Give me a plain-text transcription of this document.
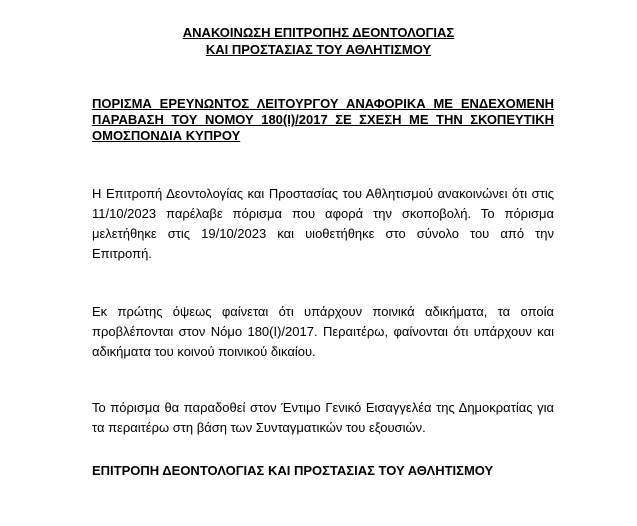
ΑΝΑΚΟΙΝΩΣΗ ΕΠΙΤΡΟΠΗΣ ΔΕΟΝΤΟΛΟΓΙΑΣ
ΚΑΙ ΠΡΟΣΤΑΣΙΑΣ ΤΟΥ ΑΘΛΗΤΙΣΜΟΥ
ΠΟΡΙΣΜΑ ΕΡΕΥΝΩΝΤΟΣ ΛΕΙΤΟΥΡΓΟΥ ΑΝΑΦΟΡΙΚΑ ΜΕ ΕΝΔΕΧΟΜΕΝΗ
ΠΑΡΑΒΑΣΗ ΤΟΥ ΝΟΜΟΥ 180(Ι)/2017 ΣΕ ΣΧΕΣΗ ΜΕ ΤΗΝ ΣΚΟΠΕΥΤΙΚΗ
ΟΜΟΣΠΟΝΔΙΑ ΚΥΠΡΟΥ
Η Επιτροπή Δεοντολογίας και Προστασίας του Αθλητισμού ανακοινώνει ότι στις
11/10/2023 παρέλαβε πόρισμα που αφορά την σκοποβολή. Το πόρισμα
μελετήθηκε στις 19/10/2023 και υιοθετήθηκε στο σύνολο του από την
Επιτροπή.
Εκ πρώτης όψεως φαίνεται ότι υπάρχουν ποινικά αδικήματα, τα οποία
προβλέπονται στον Νόμο 180(Ι)/2017. Περαιτέρω, φαίνονται ότι υπάρχουν και
αδικήματα του κοινού ποινικού δικαίου.
Το πόρισμα θα παραδοθεί στον Έντιμο Γενικό Εισαγγελέα της Δημοκρατίας για
τα περαιτέρω στη βάση των Συνταγματικών του εξουσιών.
ΕΠΙΤΡΟΠΗ ΔΕΟΝΤΟΛΟΓΙΑΣ ΚΑΙ ΠΡΟΣΤΑΣΙΑΣ ΤΟΥ ΑΘΛΗΤΙΣΜΟΥ
